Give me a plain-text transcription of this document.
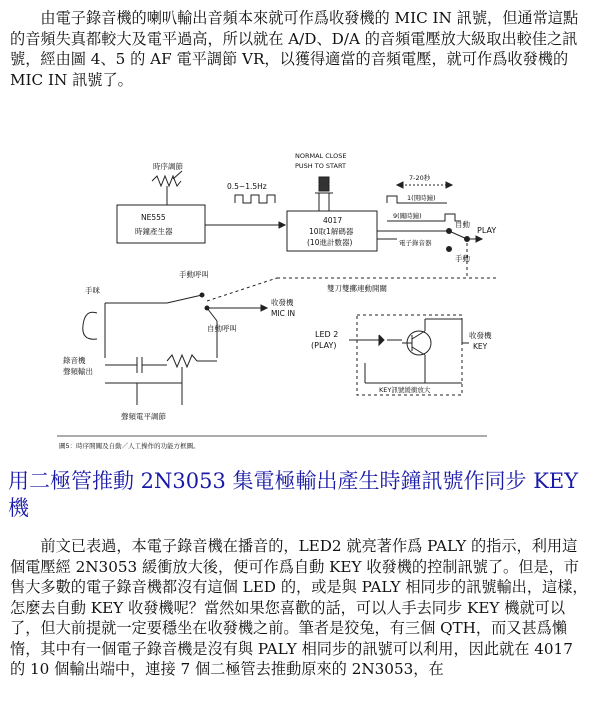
由電子錄音機的喇叭輸出音頻本來就可作爲收發機的 MIC IN 訊號，但通常這點的音頻失真都較大及電平過高，所以就在 A/D、D/A 的音頻電壓放大級取出較佳之訊號，經由圖 4、5 的 AF 電平調節 VR，以獲得適當的音頻電壓，就可作爲收發機的 MIC IN 訊號了。

時序調節
NE555
時鐘產生器
0.5~1.5Hz
NORMAL CLOSE
PUSH TO START
4017
10取1解碼器
(10進計數器)
7-20秒
1(開時鐘)
9(關時鐘)
自動
PLAY
手動
電子錄音器
手咪
手動呼叫
雙刀雙擲連動開關
收發機
MIC IN
自動呼叫
LED 2
(PLAY)
錄音機
聲頻輸出
收發機
KEY
KEY訊號緩衝放大
聲頻電平調節
圖5：時序開關及自動／人工操作的功能方框圖。
用二極管推動 2N3053 集電極輸出產生時鐘訊號作同步 KEY 機

前文已表過，本電子錄音機在播音的，LED2 就亮著作爲 PALY 的指示，利用這個電壓經 2N3053 緩衝放大後，便可作爲自動 KEY 收發機的控制訊號了。但是，市售大多數的電子錄音機都沒有這個 LED 的，或是與 PALY 相同步的訊號輸出，這樣，怎麼去自動 KEY 收發機呢？當然如果您喜歡的話，可以人手去同步 KEY 機就可以了，但大前提就一定要穩坐在收發機之前。筆者是狡兔，有三個 QTH，而又甚爲懶惰，其中有一個電子錄音機是沒有與 PALY 相同步的訊號可以利用，因此就在 4017 的 10 個輸出端中，連接 7 個二極管去推動原來的 2N3053，在
